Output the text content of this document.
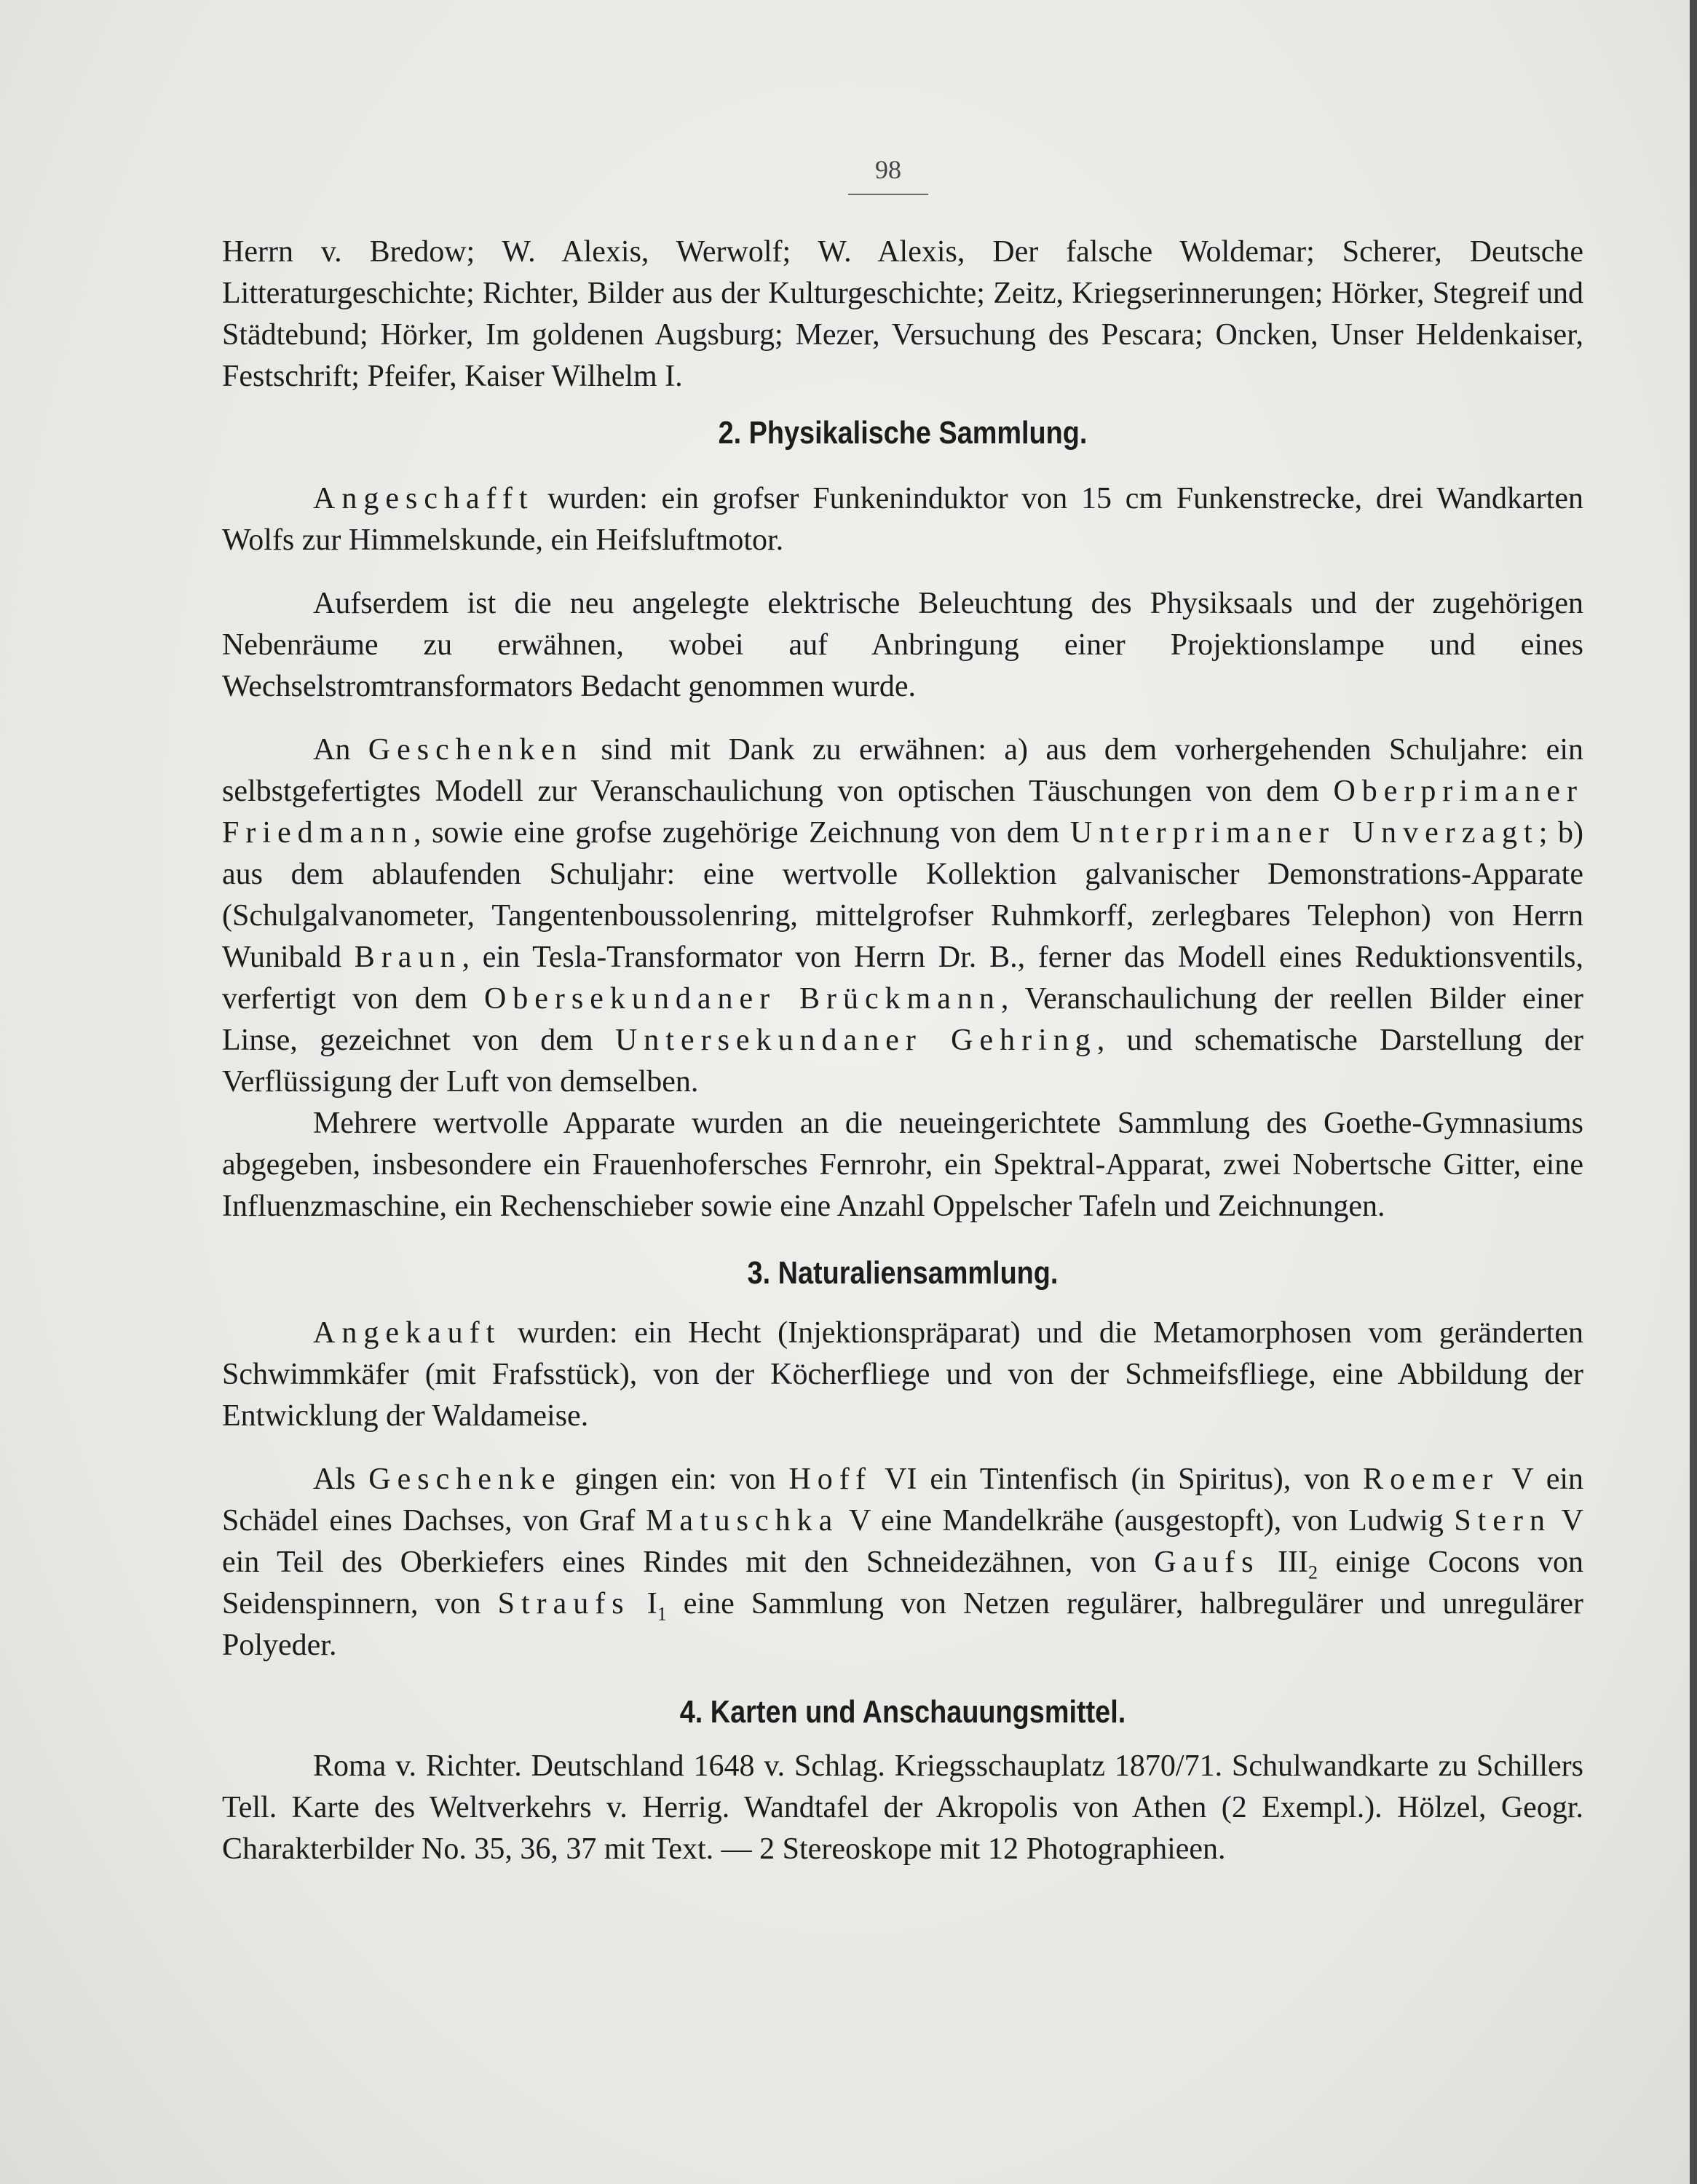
98

Herrn v. Bredow; W. Alexis, Werwolf; W. Alexis, Der falsche Woldemar; Scherer, Deutsche Litteraturgeschichte; Richter, Bilder aus der Kulturgeschichte; Zeitz, Kriegserinnerungen; Hörker, Stegreif und Städtebund; Hörker, Im goldenen Augsburg; Mezer, Versuchung des Pescara; Oncken, Unser Heldenkaiser, Festschrift; Pfeifer, Kaiser Wilhelm I.

2. Physikalische Sammlung.

Angeschafft wurden: ein grofser Funkeninduktor von 15 cm Funkenstrecke, drei Wandkarten Wolfs zur Himmelskunde, ein Heifsluftmotor.

Aufserdem ist die neu angelegte elektrische Beleuchtung des Physiksaals und der zugehörigen Nebenräume zu erwähnen, wobei auf Anbringung einer Projektionslampe und eines Wechselstromtransformators Bedacht genommen wurde.

An Geschenken sind mit Dank zu erwähnen: a) aus dem vorhergehenden Schuljahre: ein selbstgefertigtes Modell zur Veranschaulichung von optischen Täuschungen von dem Oberprimaner Friedmann, sowie eine grofse zugehörige Zeichnung von dem Unterprimaner Unverzagt; b) aus dem ablaufenden Schuljahr: eine wertvolle Kollektion galvanischer Demonstrations-Apparate (Schulgalvanometer, Tangentenboussolenring, mittelgrofser Ruhmkorff, zerlegbares Telephon) von Herrn Wunibald Braun, ein Tesla-Transformator von Herrn Dr. B., ferner das Modell eines Reduktionsventils, verfertigt von dem Obersekundaner Brückmann, Veranschaulichung der reellen Bilder einer Linse, gezeichnet von dem Untersekundaner Gehring, und schematische Darstellung der Verflüssigung der Luft von demselben.

Mehrere wertvolle Apparate wurden an die neueingerichtete Sammlung des Goethe-Gymnasiums abgegeben, insbesondere ein Frauenhofersches Fernrohr, ein Spektral-Apparat, zwei Nobertsche Gitter, eine Influenzmaschine, ein Rechenschieber sowie eine Anzahl Oppelscher Tafeln und Zeichnungen.

3. Naturaliensammlung.

Angekauft wurden: ein Hecht (Injektionspräparat) und die Metamorphosen vom geränderten Schwimmkäfer (mit Frafsstück), von der Köcherfliege und von der Schmeifsfliege, eine Abbildung der Entwicklung der Waldameise.

Als Geschenke gingen ein: von Hoff VI ein Tintenfisch (in Spiritus), von Roemer V ein Schädel eines Dachses, von Graf Matuschka V eine Mandelkrähe (ausgestopft), von Ludwig Stern V ein Teil des Oberkiefers eines Rindes mit den Schneidezähnen, von Gaufs $III_2$ einige Cocons von Seidenspinnern, von Straufs $I_1$ eine Sammlung von Netzen regulärer, halbregulärer und unregulärer Polyeder.

4. Karten und Anschauungsmittel.

Roma v. Richter. Deutschland 1648 v. Schlag. Kriegsschauplatz 1870/71. Schulwandkarte zu Schillers Tell. Karte des Weltverkehrs v. Herrig. Wandtafel der Akropolis von Athen (2 Exempl.). Hölzel, Geogr. Charakterbilder No. 35, 36, 37 mit Text. — 2 Stereoskope mit 12 Photographieen.
